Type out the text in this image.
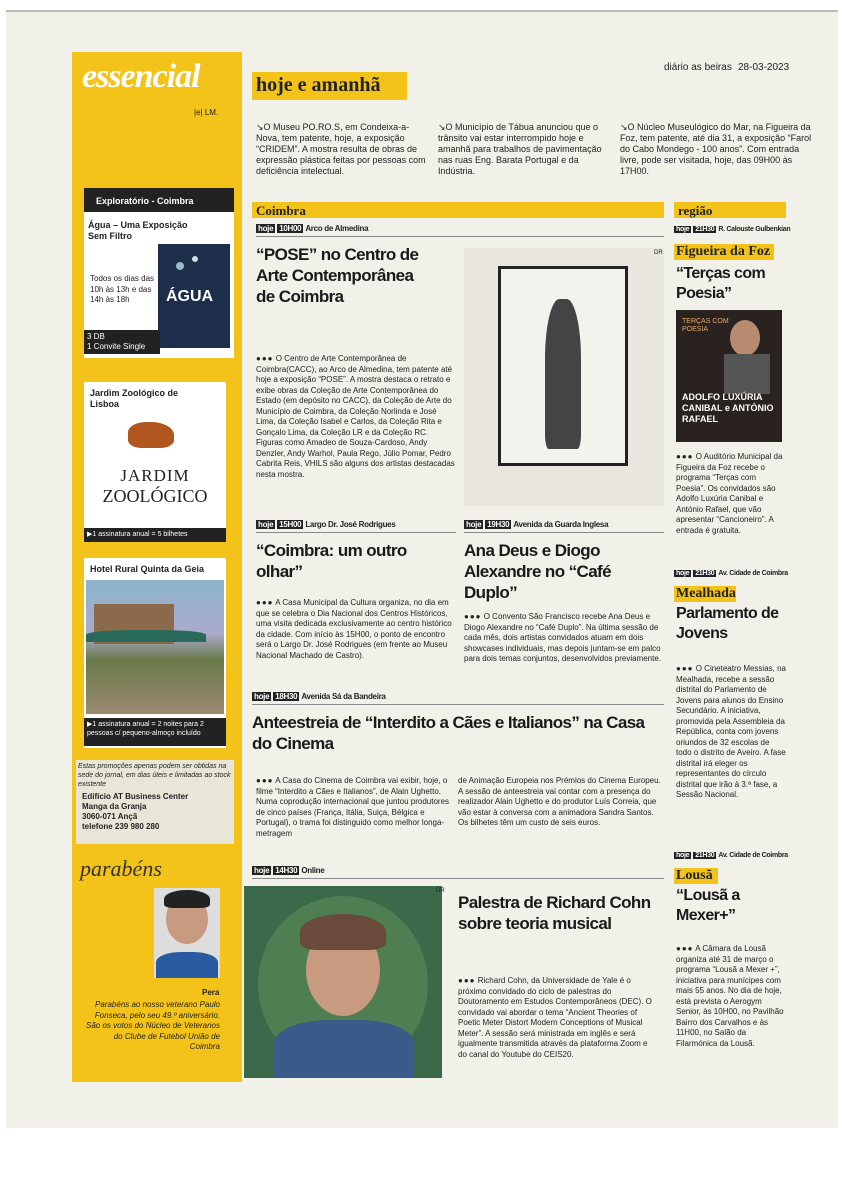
essencial	hoje e amanhã
|e| LM.
diário as beiras 28-03-2023
↘O Museu PO.RO.S, em Condeixa-a-Nova, tem patente, hoje, a exposição “CRIDEM”. A mostra resulta de obras de expressão plástica feitas por pessoas com deficiência intelectual.
↘O Município de Tábua anunciou que o trânsito vai estar interrompido hoje e amanhã para trabalhos de pavimentação nas ruas Eng. Barata Portugal e da Indústria.
↘O Núcleo Museulógico do Mar, na Figueira da Foz, tem patente, até dia 31, a exposição “Farol do Cabo Mondego - 100 anos”. Com entrada livre, pode ser visitada, hoje, das 09H00 às 17H00.
Coimbra	região
Exploratório - Coimbra
Água – Uma Exposição Sem Filtro
Todos os dias das 10h às 13h e das 14h às 18h	ÁGUA
3 DB
1 Convite Single
Jardim Zoológico de Lisboa
JARDIM
ZOOLÓGICO
▶1 assinatura anual = 5 bilhetes
Hotel Rural Quinta da Geia
▶1 assinatura anual = 2 noites para 2 pessoas c/ pequeno-almoço incluído
Estas promoções apenas podem ser obtidas na sede do jornal, em dias úteis e limitadas ao stock existente
Edifício AT Business Center
Manga da Granja
3060-071 Ançã
telefone 239 980 280
parabéns
Pera
Parabéns ao nosso veterano Paulo Fonseca, pelo seu 49.º aniversário. São os votos do Núcleo de Veteranos do Clube de Futebol União de Coimbra
hoje 10H00 Arco de Almedina
“POSE” no Centro de Arte Contemporânea de Coimbra
●●● O Centro de Arte Contemporânea de Coimbra(CACC), ao Arco de Almedina, tem patente até hoje a exposição “POSE”. A mostra destaca o retrato e exibe obras da Coleção de Arte Contemporânea do Estado (em depósito no CACC), da Coleção de Arte do Município de Coimbra, da Coleção Norlinda e José Lima, da Coleção Isabel e Carlos, da Coleção Rita e Gonçalo Lima, da Coleção LR e da Coleção RC. Figuras como Amadeo de Souza-Cardoso, Andy Denzler, Andy Warhol, Paula Rego, Júlio Pomar, Pedro Cabrita Reis, VHILS são alguns dos artistas destacadas nesta mostra.
DR
hoje 15H00 Largo Dr. José Rodrigues
“Coimbra: um outro olhar”
●●● A Casa Municipal da Cultura organiza, no dia em que se celebra o Dia Nacional dos Centros Históricos, uma visita dedicada exclusivamente ao centro histórico da cidade. Com início às 15H00, o ponto de encontro será o Largo Dr. José Rodrigues (em frente ao Museu Nacional Machado de Castro).
hoje 19H30 Avenida da Guarda Inglesa
Ana Deus e Diogo Alexandre no “Café Duplo”
●●● O Convento São Francisco recebe Ana Deus e Diogo Alexandre no “Café Duplo”. Na última sessão de cada mês, dois artistas convidados atuam em dois showcases individuais, mas depois juntam-se em palco para dois temas conjuntos, desenvolvidos previamente.
hoje 18H30 Avenida Sá da Bandeira
Anteestreia de “Interdito a Cães e Italianos” na Casa do Cinema
●●● A Casa do Cinema de Coimbra vai exibir, hoje, o filme “Interdito a Cães e Italianos”, de Alain Ughetto. Numa coprodução internacional que juntou produtores de cinco países (França, Itália, Suiça, Bélgica e Portugal), o trama foi distinguido como melhor longa-metragem
de Animação Europeia nos Prémios do Cinema Europeu. A sessão de anteestreia vai contar com a presença do realizador Alain Ughetto e do produtor Luís Correia, que vão estar à conversa com a animadora Sandra Santos. Os bilhetes têm um custo de seis euros.
hoje 14H30 Online
DR
Palestra de Richard Cohn sobre teoria musical
●●● Richard Cohn, da Universidade de Yale é o próximo convidado do ciclo de palestras do Doutoramento em Estudos Contemporâneos (DEC). O convidado vai abordar o tema “Ancient Theories of Poetic Meter Distort Modern Conceptions of Musical Meter”. A sessão será ministrada em inglês e será igualmente transmitida através da plataforma Zoom e do canal do Youtube do CEIS20.
hoje 21H30 R. Calouste Gulbenkian
Figueira da Foz
“Terças com Poesia”
TERÇAS COM POESIA
ADOLFO LUXÚRIA CANIBAL e ANTÓNIO RAFAEL
●●● O Auditório Municipal da Figueira da Foz recebe o programa “Terças com Poesia”. Os convidados são Adolfo Luxúria Canibal e António Rafael, que vão apresentar “Cancioneiro”. A entrada é gratuita.
hoje 21H30 Av. Cidade de Coimbra
Mealhada
Parlamento de Jovens
●●● O Cineteatro Messias, na Mealhada, recebe a sessão distrital do Parlamento de Jovens para alunos do Ensino Secundário. A iniciativa, promovida pela Assembleia da República, conta com jovens oriundos de 32 escolas de todo o distrito de Aveiro. A fase distrital irá eleger os representantes do círculo distrital que irão à 3.ª fase, a Sessão Nacional.
hoje 21H30 Av. Cidade de Coimbra
Lousã
“Lousã a Mexer+”
●●● A Câmara da Lousã organiza até 31 de março o programa “Lousã a Mexer +”, iniciativa para munícipes com mais 55 anos. No dia de hoje, está prevista o Aerogym Senior, às 10H00, no Pavilhão Bairro dos Carvalhos e às 11H00, no Salão da Filarmónica da Lousã.
